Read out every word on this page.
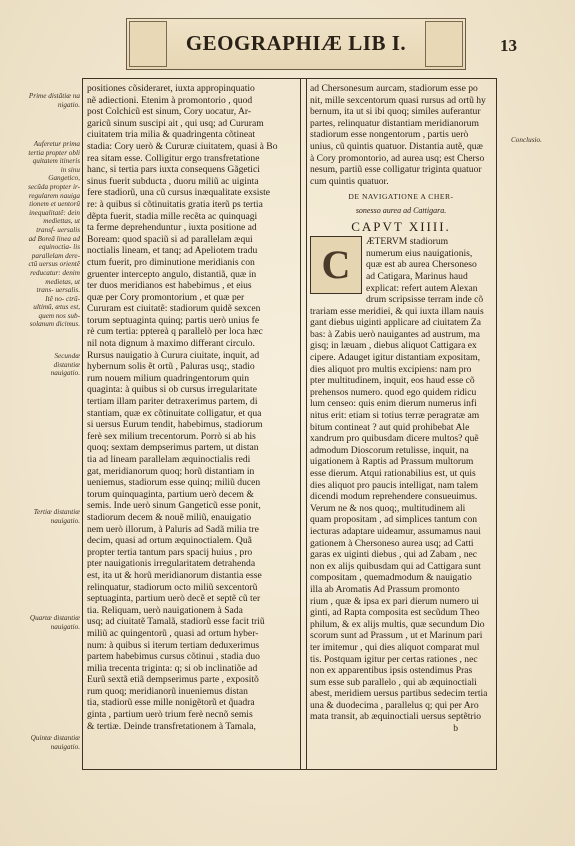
GEOGRAPHIÆ LIB I.	13
Prime distātiæ na nigatio.
Auferetur prima tertia propter obli quitatem itineris in sinu Gangetico, secũda propter ir- regularem nauiga tionem et uentorũ inequalitatẽ: dein mediettas, ut transf- uersalis ad Boreã linea ad equinoctia- lis parallelam dere- ctũ uersus orientẽ reducatur: denim medietas, ut trans- uersalis. Itẽ no- ctrũ-ultimũ, ætus est, quem nos sub- solanum dicimus.
Secundæ distantiæ nauigatio.
Tertiæ distantiæ nauigatio.
Quartæ distantiæ nauigatio.
Quintæ distantiæ nauigatio.
Conclusio.

positiones cõsideraret, iuxta appropinquatio
nẽ adiectioni. Etenim à promontorio , quod
post Colchicũ est sinum, Cory uocatur, Ar-
garicũ sinum suscipi ait , qui usq; ad Cururam
ciuitatem tria milia & quadringenta cõtineat
stadia: Cory uerò & Cururæ ciuitatem, quasi à Bo
rea sitam esse. Colligitur ergo transfretatione
hanc, si tertia pars iuxta consequens Gãgetici
sinus fuerit subducta , duoru miliũ ac uiginta
fere stadiorũ, una cũ cursus inæqualitate exsiste
re: à quibus si cõtinuitatis gratia iterũ ps tertia
dẽpta fuerit, stadia mille recẽta ac quinquagi
ta ferme deprehenduntur , iuxta positione ad
Boream: quod spaciũ si ad parallelam æqui
noctialis lineam, et tanq; ad Apeliotem tradu
ctum fuerit, pro diminutione meridianis con
gruenter intercepto angulo, distantiã, quæ in
ter duos meridianos est habebimus , et eius
quæ per Cory promontorium , et quæ per
Cururam est ciuitatẽ: stadiorum quidẽ sexcen
torum septuaginta quinq; partis uerò unius fe
rè cum tertia: pptereà q parallelò per loca hæc
nil nota dignum à maximo differant circulo.
Rursus nauigatio à Curura ciuitate, inquit, ad
hybernum solis ẽt ortũ , Paluras usq;, stadio
rum nouem milium quadringentorum quin
quaginta: à quibus si ob cursus irregularitate
tertiam illam pariter detraxerimus partem, di
stantiam, quæ ex cõtinuitate colligatur, et qua
si uersus Eurum tendit, habebimus, stadiorum
ferè sex milium trecentorum. Porrò si ab his
quoq; sextam dempserimus partem, ut distan
tia ad lineam parallelam æquinoctialis redi
gat, meridianorum quoq; horũ distantiam in
ueniemus, stadiorum esse quinq; miliũ ducen
torum quinquaginta, partium uerò decem &
semis. Inde uerò sinum Gangeticũ esse ponit,
stadiorum decem & nouẽ miliũ, enauigatio
nem uerò illorum, à Paluris ad Sadã milia tre
decim, quasi ad ortum æquinoctialem. Quã
propter tertia tantum pars spacij huius , pro
pter nauigationis irregularitatem detrahenda
est, ita ut & horũ meridianorum distantia esse
relinquatur, stadiorum octo miliũ sexcentorũ
septuaginta, partium uerò decẽ et septẽ cũ ter
tia. Reliquam, uerò nauigationem à Sada
usq; ad ciuitatẽ Tamalã, stadiorũ esse facit triũ
miliũ ac quingentorũ , quasi ad ortum hyber-
num: à quibus si iterum tertiam deduxerimus
partem habebimus cursus cõtinui , stadia duo
milia trecenta triginta: q; si ob inclinatiõe ad
Eurũ sextã etiã dempserimus parte , expositõ
rum quoq; meridianorũ inueniemus distan
tia, stadiorũ esse mille nonigẽtorũ et q̃uadra
ginta , partium uerò trium ferè necnõ semis
& tertiæ. Deinde transfretationem à Tamala,

ad Chersonesum aurcam, stadiorum esse po
nit, mille sexcentorum quasi rursus ad ortũ hy
bernum, ita ut si ibi quoq; similes auferantur
partes, relinquatur distantiam meridianorum
stadiorum esse nongentorum , partis uerò
unius, cũ quintis quatuor. Distantia autẽ, quæ
à Cory promontorio, ad aurea usq; est Cherso
nesum, partiũ esse colligatur triginta quatuor
cum quintis quatuor.

DE NAVIGATIONE A CHER-
sonesso aurea ad Cattigara.
CAPVT XIIII.
C

ÆTERVM stadiorum
numerum eius nauigationis,
quæ est ab aurea Chersoneso
ad Catigara, Marinus haud
explicat: refert autem Alexan
drum scripsisse terram inde cõ
trariam esse meridiei, & qui iuxta illam nauis
gant diebus uiginti applicare ad ciuitatem Za
bas: à Zabis uerò nauigantes ad austrum, ma
gisq; in læuam , diebus aliquot Cattigara ex
cipere. Adauget igitur distantiam expositam,
dies aliquot pro multis excipiens: nam pro
pter multitudinem, inquit, eos haud esse cõ
prehensos numero. quod ego quidem ridicu
lum censeo: quis enim dierum numerus infi
nitus erit: etiam si totius terræ peragratæ am
bitum contineat ? aut quid prohibebat Ale
xandrum pro quibusdam dicere multos? quẽ
admodum Dioscorum retulisse, inquit, na
uigationem à Raptis ad Prassum multorum
esse dierum. Atqui rationabilius est, ut quis
dies aliquot pro paucis intelligat, nam talem
dicendi modum reprehendere consueuimus.
Verum ne & nos quoq;, multitudinem ali
quam propositam , ad simplices tantum con
iecturas adaptare uideamur, assumamus naui
gationem à Chersoneso aurea usq; ad Catti
garas ex uiginti diebus , qui ad Zabam , nec
non ex alijs quibusdam qui ad Cattigara sunt
compositam , quemadmodum & nauigatio
illa ab Aromatis Ad Prassum promonto
rium , quæ & ipsa ex pari dierum numero ui
ginti, ad Rapta composita est secũdum Theo
philum, & ex alijs multis, quæ secundum Dio
scorum sunt ad Prassum , ut et Marinum pari
ter imitemur , qui dies aliquot comparat mul
tis. Postquam igitur per certas rationes , nec
non ex apparentibus ipsis ostendimus Pras
sum esse sub parallelo , qui ab æquinoctiali
abest, meridiem uersus partibus sedecim tertia
una & duodecima , parallelus q; qui per Aro
mata transit, ab æquinoctiali uersus septẽtrio

b
